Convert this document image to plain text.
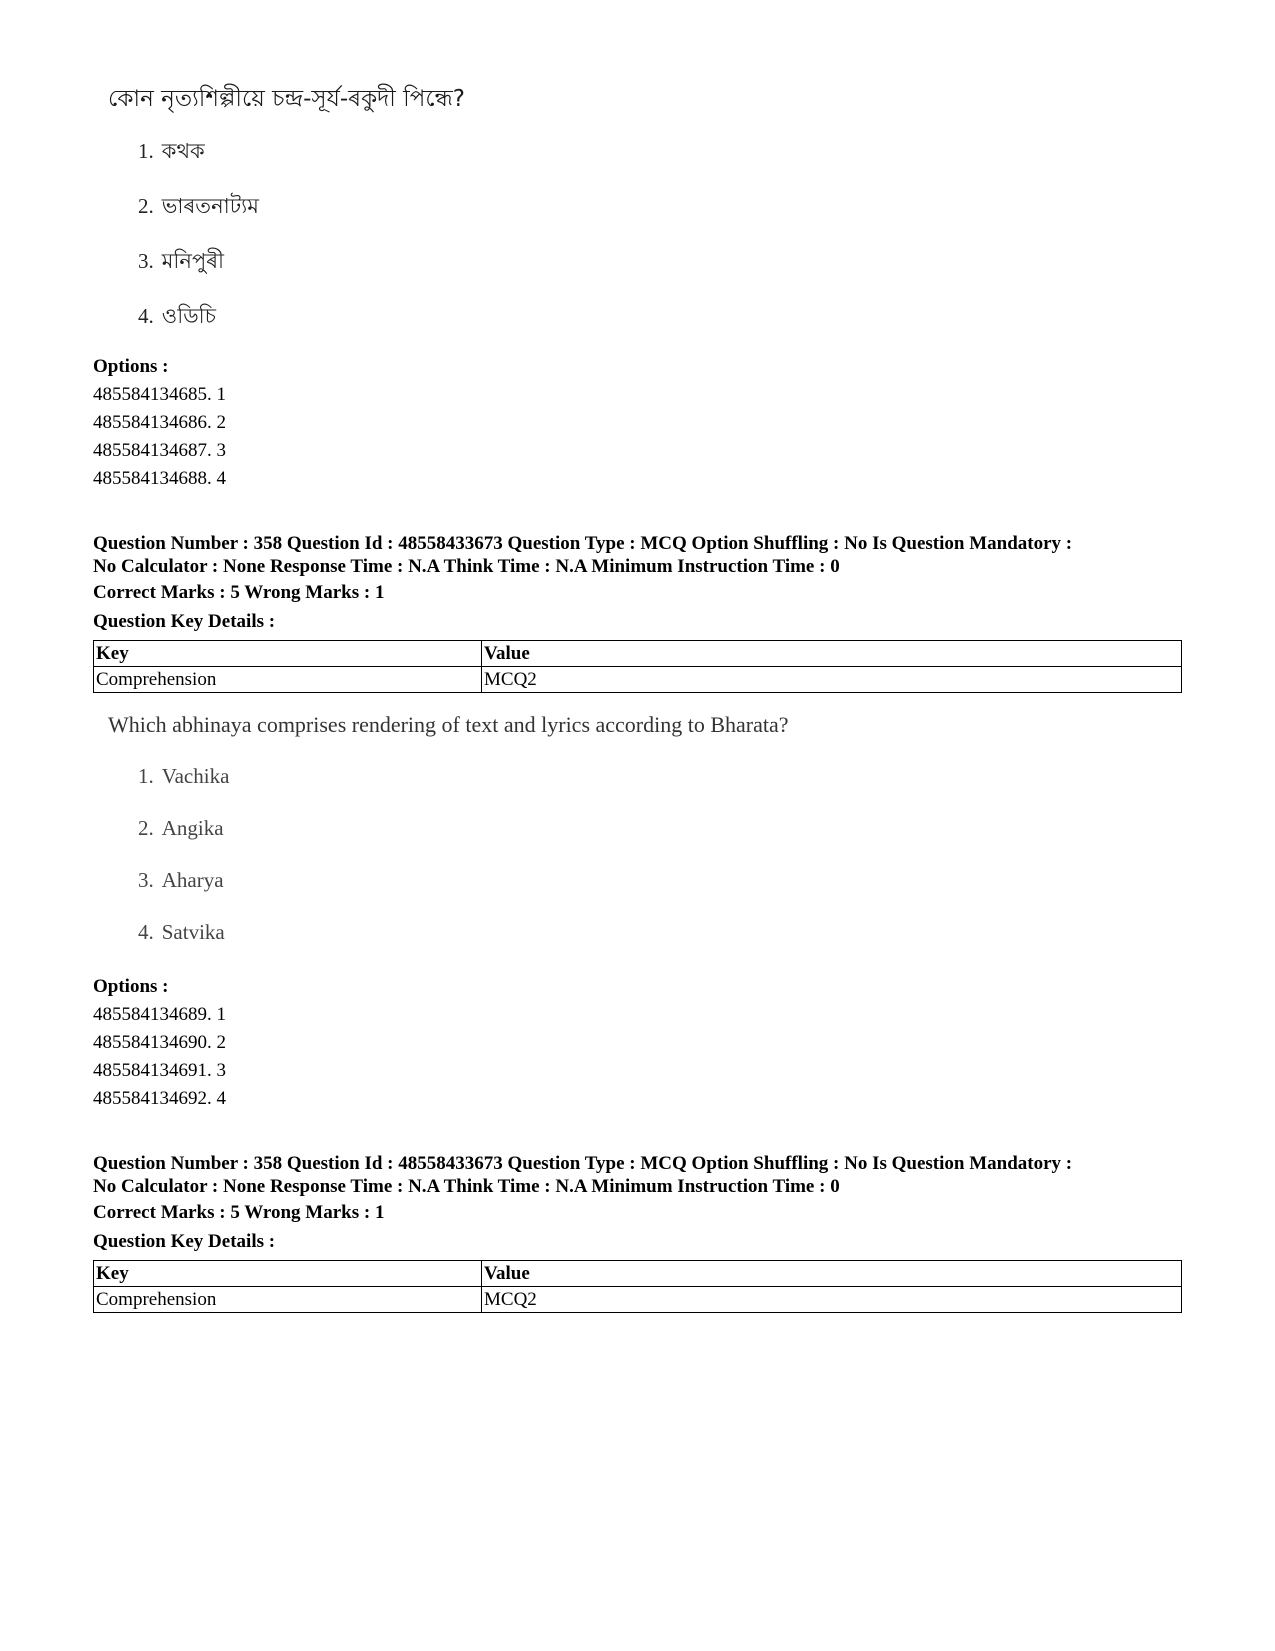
কোন নৃত্যশিল্পীয়ে চন্দ্ৰ-সূৰ্য-ৰকুদী পিন্ধে?
1. কথক
2. ভাৰতনাট্যম
3. মনিপুৰী
4. ওডিচি
Options :
485584134685. 1
485584134686. 2
485584134687. 3
485584134688. 4
Question Number : 358 Question Id : 48558433673 Question Type : MCQ Option Shuffling : No Is Question Mandatory :
No Calculator : None Response Time : N.A Think Time : N.A Minimum Instruction Time : 0
Correct Marks : 5 Wrong Marks : 1
Question Key Details :
Key	Value
Comprehension	MCQ2
Which abhinaya comprises rendering of text and lyrics according to Bharata?
1. Vachika
2. Angika
3. Aharya
4. Satvika
Options :
485584134689. 1
485584134690. 2
485584134691. 3
485584134692. 4
Question Number : 358 Question Id : 48558433673 Question Type : MCQ Option Shuffling : No Is Question Mandatory :
No Calculator : None Response Time : N.A Think Time : N.A Minimum Instruction Time : 0
Correct Marks : 5 Wrong Marks : 1
Question Key Details :
Key	Value
Comprehension	MCQ2
